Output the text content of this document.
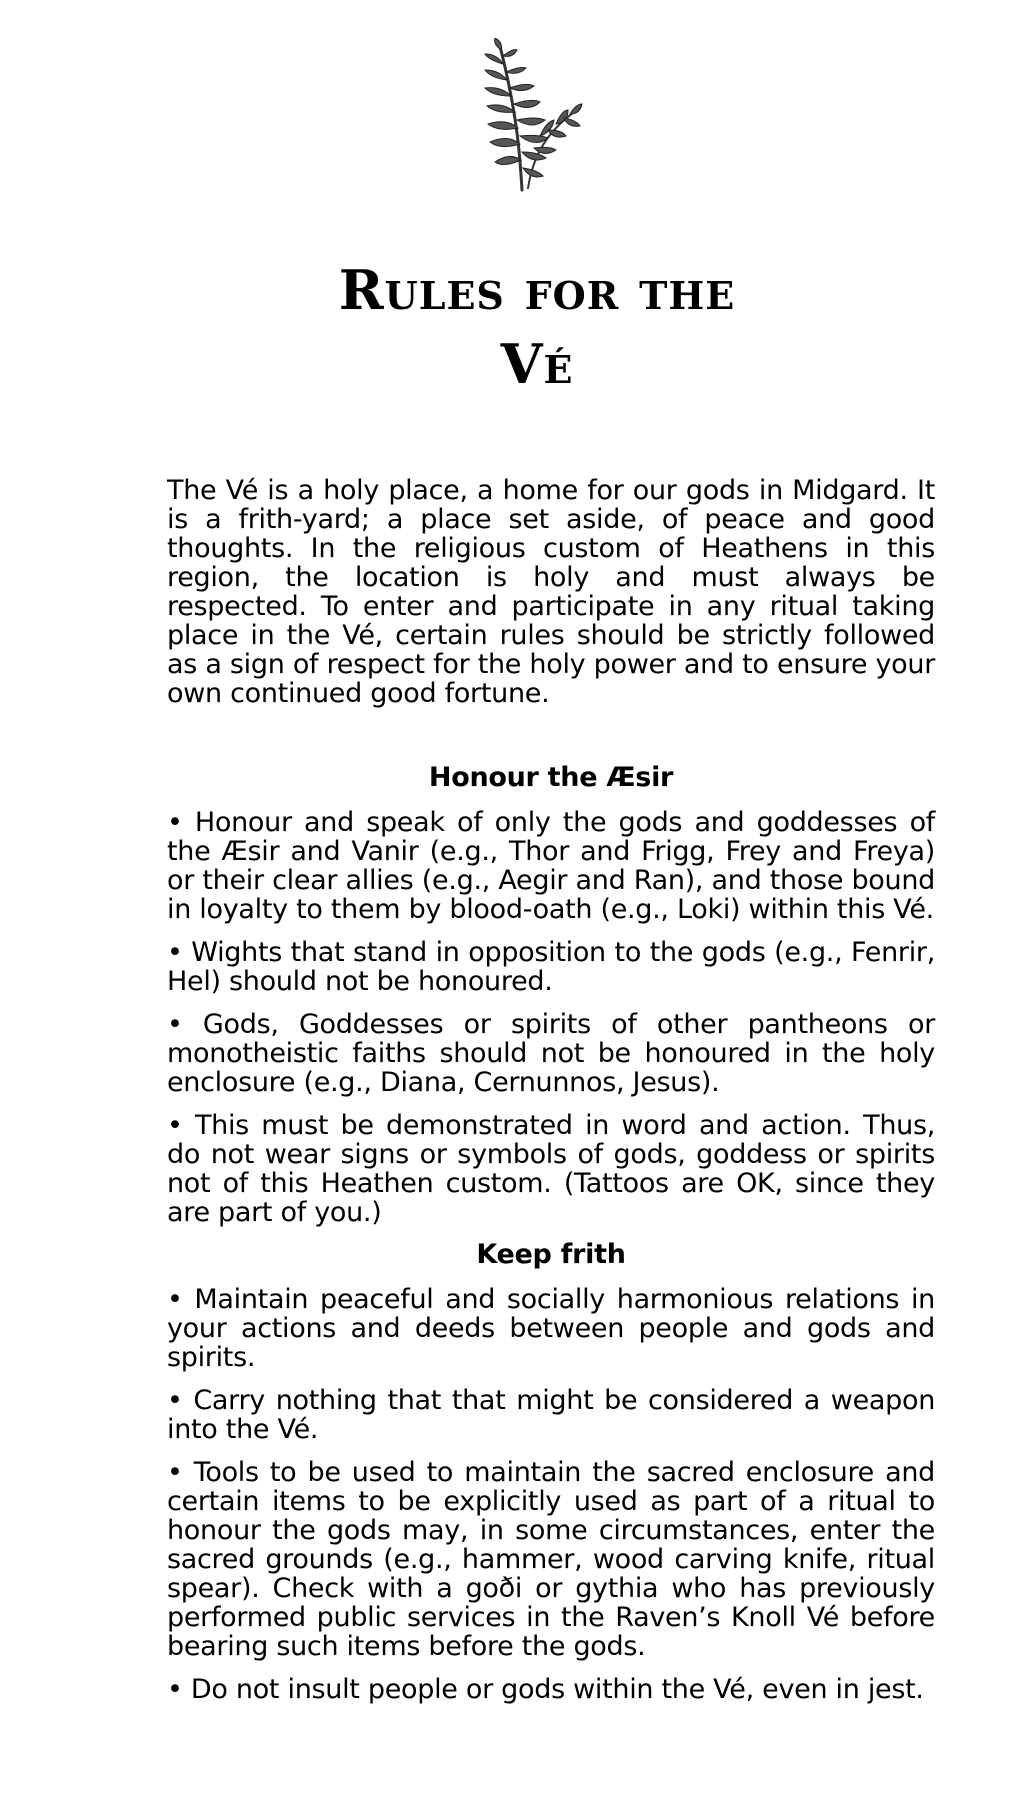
Rules for the
Vé

The Vé is a holy place, a home for our gods in Midgard. It is a frith-yard; a place set aside, of peace and good thoughts. In the religious custom of Heathens in this region, the location is holy and must always be respected. To enter and participate in any ritual taking place in the Vé, certain rules should be strictly followed as a sign of respect for the holy power and to ensure your own continued good fortune.

Honour the Æsir

• Honour and speak of only the gods and goddesses of the Æsir and Vanir (e.g., Thor and Frigg, Frey and Freya) or their clear allies (e.g., Aegir and Ran), and those bound in loyalty to them by blood-oath (e.g., Loki) within this Vé.

• Wights that stand in opposition to the gods (e.g., Fenrir, Hel) should not be honoured.

• Gods, Goddesses or spirits of other pantheons or monotheistic faiths should not be honoured in the holy enclosure (e.g., Diana, Cernunnos, Jesus).

• This must be demonstrated in word and action. Thus, do not wear signs or symbols of gods, goddess or spirits not of this Heathen custom. (Tattoos are OK, since they are part of you.)

Keep frith

• Maintain peaceful and socially harmonious relations in your actions and deeds between people and gods and spirits.

• Carry nothing that that might be considered a weapon into the Vé.

• Tools to be used to maintain the sacred enclosure and certain items to be explicitly used as part of a ritual to honour the gods may, in some circumstances, enter the sacred grounds (e.g., hammer, wood carving knife, ritual spear). Check with a goði or gythia who has previously performed public services in the Raven’s Knoll Vé before bearing such items before the gods.

• Do not insult people or gods within the Vé, even in jest.
